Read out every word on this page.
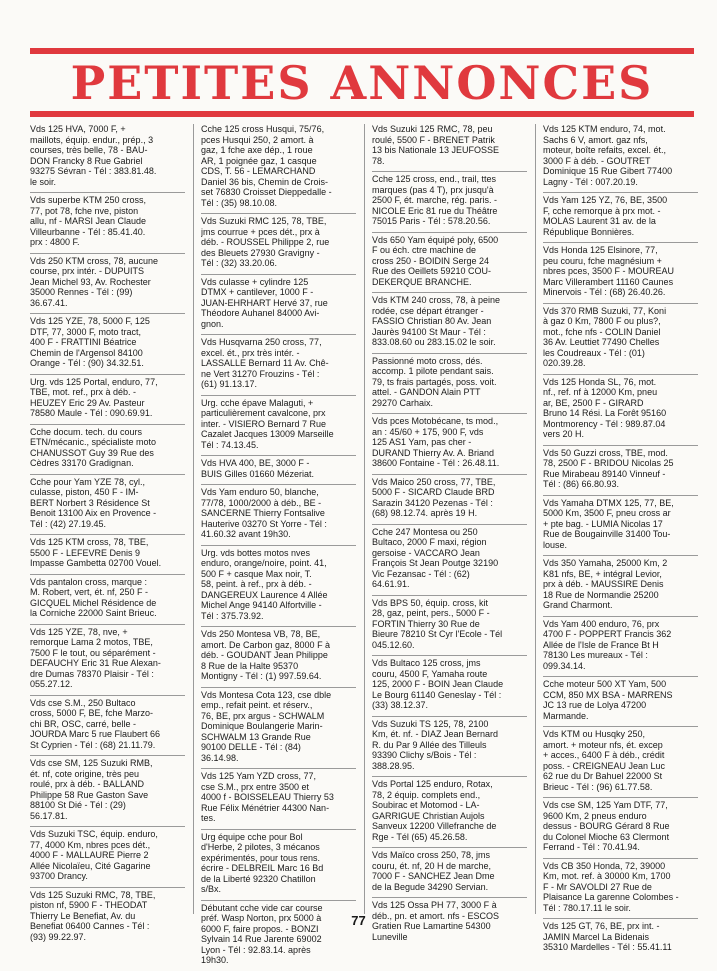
PETITES ANNONCES

Vds 125 HVA, 7000 F, +
maillots, équip. endur., prép., 3
courses, très belle, 78 - BAU-
DON Francky 8 Rue Gabriel
93275 Sévran - Tél : 383.81.48.
le soir.

Vds superbe KTM 250 cross,
77, pot 78, fche nve, piston
allu, nf - MARSI Jean Claude
Villeurbanne - Tél : 85.41.40.
prx : 4800 F.

Vds 250 KTM cross, 78, aucune
course, prx intér. - DUPUITS
Jean Michel 93, Av. Rochester
35000 Rennes - Tél : (99)
36.67.41.

Vds 125 YZE, 78, 5000 F, 125
DTF, 77, 3000 F, moto tract,
400 F - FRATTINI Béatrice
Chemin de l'Argensol 84100
Orange - Tél : (90) 34.32.51.

Urg. vds 125 Portal, enduro, 77,
TBE, mot. ref., prx à déb. -
HEUZEY Eric 29 Av. Pasteur
78580 Maule - Tél : 090.69.91.

Cche docum. tech. du cours
ETN/mécanic., spécialiste moto
CHANUSSOT Guy 39 Rue des
Cèdres 33170 Gradignan.

Cche pour Yam YZE 78, cyl.,
culasse, piston, 450 F - IM-
BERT Norbert 3 Résidence St
Benoit 13100 Aix en Provence -
Tél : (42) 27.19.45.

Vds 125 KTM cross, 78, TBE,
5500 F - LEFEVRE Denis 9
Impasse Gambetta 02700 Vouel.

Vds pantalon cross, marque :
M. Robert, vert, ét. nf, 250 F -
GICQUEL Michel Résidence de
la Corniche 22000 Saint Brieuc.

Vds 125 YZE, 78, nve, +
remorque Lama 2 motos, TBE,
7500 F le tout, ou séparément -
DEFAUCHY Eric 31 Rue Alexan-
dre Dumas 78370 Plaisir - Tél :
055.27.12.

Vds cse S.M., 250 Bultaco
cross, 5000 F, BE, fche Marzo-
chi BR, OSC, carré, belle -
JOURDA Marc 5 rue Flaubert 66
St Cyprien - Tél : (68) 21.11.79.

Vds cse SM, 125 Suzuki RMB,
ét. nf, cote origine, très peu
roulé, prx à déb. - BALLAND
Philippe 58 Rue Gaston Save
88100 St Dié - Tél : (29)
56.17.81.

Vds Suzuki TSC, équip. enduro,
77, 4000 Km, nbres pces dét.,
4000 F - MALLAURE Pierre 2
Allée Nicolaïeu, Cité Gagarine
93700 Drancy.

Vds 125 Suzuki RMC, 78, TBE,
piston nf, 5900 F - THEODAT
Thierry Le Benefiat, Av. du
Benefiat 06400 Cannes - Tél :
(93) 99.22.97.

Cche 125 cross Husqui, 75/76,
pces Husqui 250, 2 amort. à
gaz, 1 fche axe dép., 1 roue
AR, 1 poignée gaz, 1 casque
CDS, T. 56 - LEMARCHAND
Daniel 36 bis, Chemin de Crois-
set 76830 Croisset Dieppedalle -
Tél : (35) 98.10.08.

Vds Suzuki RMC 125, 78, TBE,
jms courrue + pces dét., prx à
déb. - ROUSSEL Philippe 2, rue
des Bleuets 27930 Gravigny -
Tél : (32) 33.20.06.

Vds culasse + cylindre 125
DTMX + cantilever, 1000 F -
JUAN-EHRHART Hervé 37, rue
Théodore Auhanel 84000 Avi-
gnon.

Vds Husqvarna 250 cross, 77,
excel. ét., prx très intér. -
LASSALLE Bernard 11 Av. Chê-
ne Vert 31270 Frouzins - Tél :
(61) 91.13.17.

Urg. cche épave Malaguti, +
particulièrement cavalcone, prx
inter. - VISIERO Bernard 7 Rue
Cazalet Jacques 13009 Marseille
Tél : 74.13.45.

Vds HVA 400, BE, 3000 F -
BUIS Gilles 01660 Mézeriat.

Vds Yam enduro 50, blanche,
77/78, 1000/2000 à déb., BE -
SANCERNE Thierry Fontsalive
Hauterive 03270 St Yorre - Tél :
41.60.32 avant 19h30.

Urg. vds bottes motos nves
enduro, orange/noire, point. 41,
500 F + casque Max noir, T.
58, peint. à ref., prx à déb. -
DANGEREUX Laurence 4 Allée
Michel Ange 94140 Alfortville -
Tél : 375.73.92.

Vds 250 Montesa VB, 78, BE,
amort. De Carbon gaz, 8000 F à
déb. - GOUDANT Jean Philippe
8 Rue de la Halte 95370
Montigny - Tél : (1) 997.59.64.

Vds Montesa Cota 123, cse dble
emp., refait peint. et réserv.,
76, BE, prx argus - SCHWALM
Dominique Boulangerie Marin-
SCHWALM 13 Grande Rue
90100 DELLE - Tél : (84)
36.14.98.

Vds 125 Yam YZD cross, 77,
cse S.M., prx entre 3500 et
4000 f - BOISSELEAU Thierry 53
Rue Félix Ménétrier 44300 Nan-
tes.

Urg équipe cche pour Bol
d'Herbe, 2 pilotes, 3 mécanos
expérimentés, pour tous rens.
écrire - DELBREIL Marc 16 Bd
de la Liberté 92320 Chatillon
s/Bx.

Débutant cche vide car course
préf. Wasp Norton, prx 5000 à
6000 F, faire propos. - BONZI
Sylvain 14 Rue Jarente 69002
Lyon - Tél : 92.83.14. après
19h30.

Vds Suzuki 125 RMC, 78, peu
roulé, 5500 F - BRENET Patrik
13 bis Nationale 13 JEUFOSSE
78.

Cche 125 cross, end., trail, ttes
marques (pas 4 T), prx jusqu'à
2500 F, ét. marche, rég. paris. -
NICOLE Eric 81 rue du Théâtre
75015 Paris - Tél : 578.20.56.

Vds 650 Yam équipé poly, 6500
F ou éch. ctre machine de
cross 250 - BOIDIN Serge 24
Rue des Oeillets 59210 COU-
DEKERQUE BRANCHE.

Vds KTM 240 cross, 78, à peine
rodée, cse départ étranger -
FASSIO Christian 80 Av. Jean
Jaurès 94100 St Maur - Tél :
833.08.60 ou 283.15.02 le soir.

Passionné moto cross, dés.
accomp. 1 pilote pendant sais.
79, ts frais partagés, poss. voit.
attel. - GANDON Alain PTT
29270 Carhaix.

Vds pces Motobécane, ts mod.,
an : 45/60 + 175, 900 F, vds
125 AS1 Yam, pas cher -
DURAND Thierry Av. A. Briand
38600 Fontaine - Tél : 26.48.11.

Vds Maico 250 cross, 77, TBE,
5000 F - SICARD Claude BRD
Sarazin 34120 Pezenas - Tél :
(68) 98.12.74. après 19 H.

Cche 247 Montesa ou 250
Bultaco, 2000 F maxi, région
gersoise - VACCARO Jean
François St Jean Poutge 32190
Vic Fezansac - Tél : (62)
64.61.91.

Vds BPS 50, équip. cross, kit
28, gaz, peint, pers., 5000 F -
FORTIN Thierry 30 Rue de
Bieure 78210 St Cyr l'Ecole - Tél
045.12.60.

Vds Bultaco 125 cross, jms
couru, 4500 F, Yamaha route
125, 2000 F - BOIN Jean Claude
Le Bourg 61140 Geneslay - Tél :
(33) 38.12.37.

Vds Suzuki TS 125, 78, 2100
Km, ét. nf. - DIAZ Jean Bernard
R. du Par 9 Allée des Tilleuls
93390 Clichy s/Bois - Tél :
388.28.95.

Vds Portal 125 enduro, Rotax,
78, 2 équip. complets end.,
Soubirac et Motomod - LA-
GARRIGUE Christian Aujols
Sanveux 12200 Villefranche de
Rge - Tél (65) 45.26.58.

Vds Maïco cross 250, 78, jms
couru, ét. nf, 20 H de marche,
7000 F - SANCHEZ Jean Dme
de la Begude 34290 Servian.

Vds 125 Ossa PH 77, 3000 F à
déb., pn. et amort. nfs - ESCOS
Gratien Rue Lamartine 54300
Luneville

Vds 125 KTM enduro, 74, mot.
Sachs 6 V, amort. gaz nfs,
moteur, boîte refaits, excel. ét.,
3000 F à déb. - GOUTRET
Dominique 15 Rue Gibert 77400
Lagny - Tél : 007.20.19.

Vds Yam 125 YZ, 76, BE, 3500
F, cche remorque à prx mot. -
MOLAS Laurent 31 av. de la
République Bonnières.

Vds Honda 125 Elsinore, 77,
peu couru, fche magnésium +
nbres pces, 3500 F - MOUREAU
Marc Villerambert 11160 Caunes
Minervois - Tél : (68) 26.40.26.

Vds 370 RMB Suzuki, 77, Koni
à gaz 0 Km, 7800 F ou plus?,
mot., fche nfs - COLIN Daniel
36 Av. Leuttiet 77490 Chelles
les Coudreaux - Tél : (01)
020.39.28.

Vds 125 Honda SL, 76, mot.
nf., ref. nf à 12000 Km, pneu
ar, BE, 2500 F - GIRARD
Bruno 14 Rési. La Forêt 95160
Montmorency - Tél : 989.87.04
vers 20 H.

Vds 50 Guzzi cross, TBE, mod.
78, 2500 F - BRIDOU Nicolas 25
Rue Mirabeau 89140 Vinneuf -
Tél : (86) 66.80.93.

Vds Yamaha DTMX 125, 77, BE,
5000 Km, 3500 F, pneu cross ar
+ pte bag. - LUMIA Nicolas 17
Rue de Bougainville 31400 Tou-
louse.

Vds 350 Yamaha, 25000 Km, 2
K81 nfs, BE, + intégral Levior,
prx à déb. - MAUSSIRE Denis
18 Rue de Normandie 25200
Grand Charmont.

Vds Yam 400 enduro, 76, prx
4700 F - POPPERT Francis 362
Allée de l'Isle de France Bt H
78130 Les mureaux - Tél :
099.34.14.

Cche moteur 500 XT Yam, 500
CCM, 850 MX BSA - MARRENS
JC 13 rue de Lolya 47200
Marmande.

Vds KTM ou Husqky 250,
amort. + moteur nfs, ét. excep
+ acces., 6400 F à déb., crédit
poss. - CREIGNEAU Jean Luc
62 rue du Dr Bahuel 22000 St
Brieuc - Tél : (96) 61.77.58.

Vds cse SM, 125 Yam DTF, 77,
9600 Km, 2 pneus enduro
dessus - BOURG Gérard 8 Rue
du Colonel Mioche 63 Clermont
Ferrand - Tél : 70.41.94.

Vds CB 350 Honda, 72, 39000
Km, mot. ref. à 30000 Km, 1700
F - Mr SAVOLDI 27 Rue de
Plaisance La garenne Colombes -
Tél : 780.17.11 le soir.

Vds 125 GT, 76, BE, prx int. -
JAMIN Marcel La Bidenais
35310 Mardelles - Tél : 55.41.11

77
